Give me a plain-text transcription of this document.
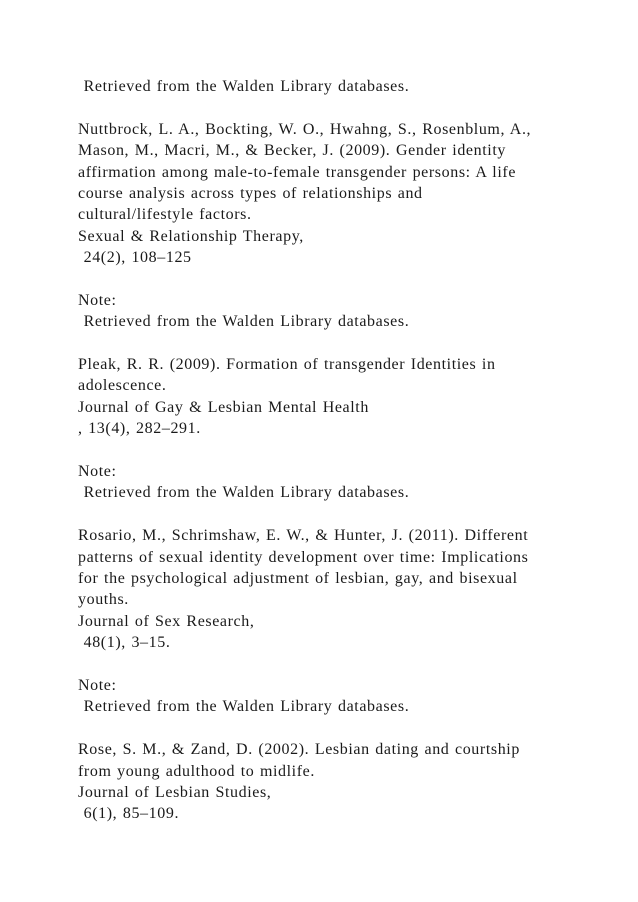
Retrieved from the Walden Library databases.
Nuttbrock, L. A., Bockting, W. O., Hwahng, S., Rosenblum, A.,
Mason, M., Macri, M., & Becker, J. (2009). Gender identity
affirmation among male-to-female transgender persons: A life
course analysis across types of relationships and
cultural/lifestyle factors.
Sexual & Relationship Therapy,
24(2), 108–125
Note:
Retrieved from the Walden Library databases.
Pleak, R. R. (2009). Formation of transgender Identities in
adolescence.
Journal of Gay & Lesbian Mental Health
, 13(4), 282–291.
Note:
Retrieved from the Walden Library databases.
Rosario, M., Schrimshaw, E. W., & Hunter, J. (2011). Different
patterns of sexual identity development over time: Implications
for the psychological adjustment of lesbian, gay, and bisexual
youths.
Journal of Sex Research,
48(1), 3–15.
Note:
Retrieved from the Walden Library databases.
Rose, S. M., & Zand, D. (2002). Lesbian dating and courtship
from young adulthood to midlife.
Journal of Lesbian Studies,
6(1), 85–109.
